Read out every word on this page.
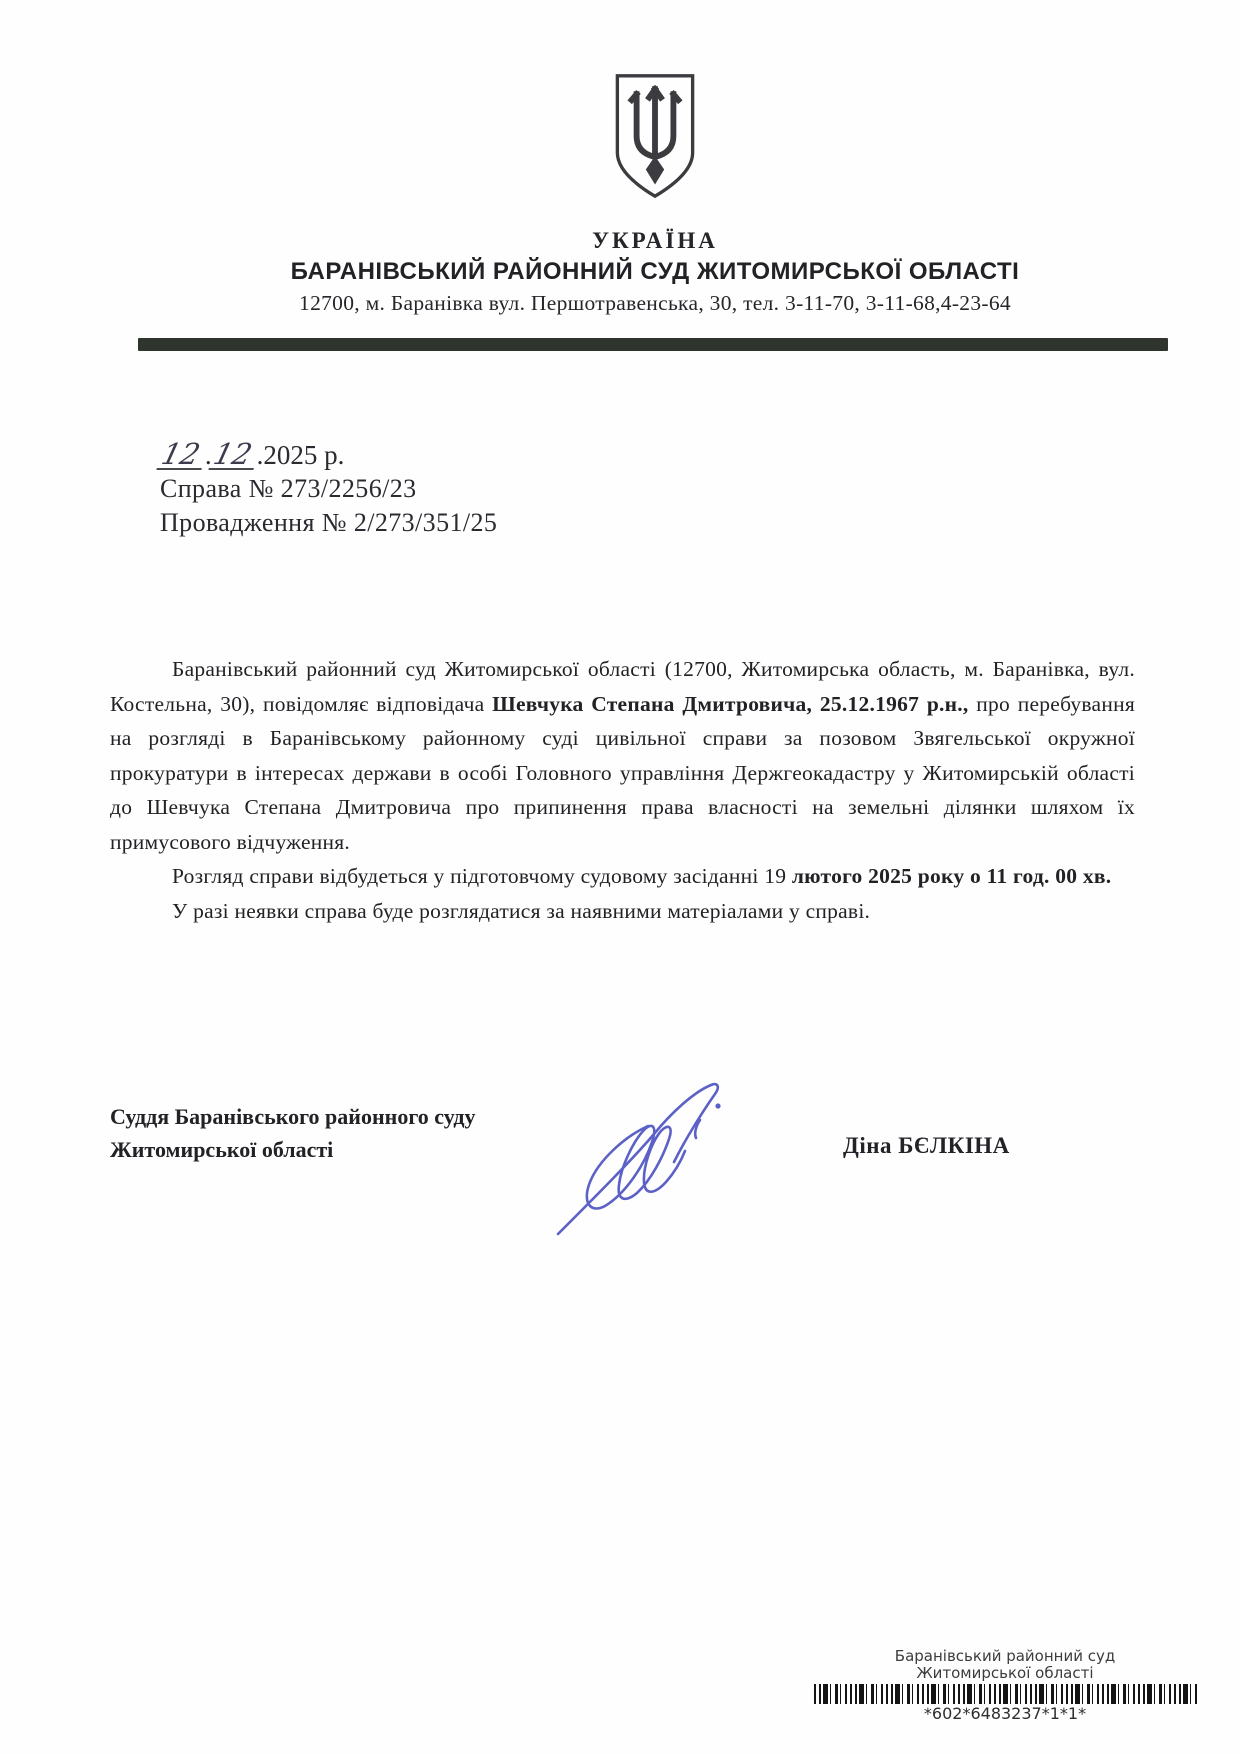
УКРАЇНА
БАРАНІВСЬКИЙ РАЙОННИЙ СУД ЖИТОМИРСЬКОЇ ОБЛАСТІ
12700, м. Баранівка вул. Першотравенська, 30, тел. 3-11-70, 3-11-68,4-23-64
12.12.2025 р.
Справа № 273/2256/23
Провадження № 2/273/351/25

Баранівський районний суд Житомирської області (12700, Житомирська область, м. Баранівка, вул. Костельна, 30), повідомляє відповідача Шевчука Степана Дмитровича, 25.12.1967 р.н., про перебування на розгляді в Баранівському районному суді цивільної справи за позовом Звягельської окружної прокуратури в інтересах держави в особі Головного управління Держгеокадастру у Житомирській області до Шевчука Степана Дмитровича про припинення права власності на земельні ділянки шляхом їх примусового відчуження.

Розгляд справи відбудеться у підготовчому судовому засіданні 19 лютого 2025 року о 11 год. 00 хв.

У разі неявки справа буде розглядатися за наявними матеріалами у справі.

Суддя Баранівського районного суду
Житомирської області	Діна БЄЛКІНА
Баранівський районний суд
Житомирської області
*602*6483237*1*1*
